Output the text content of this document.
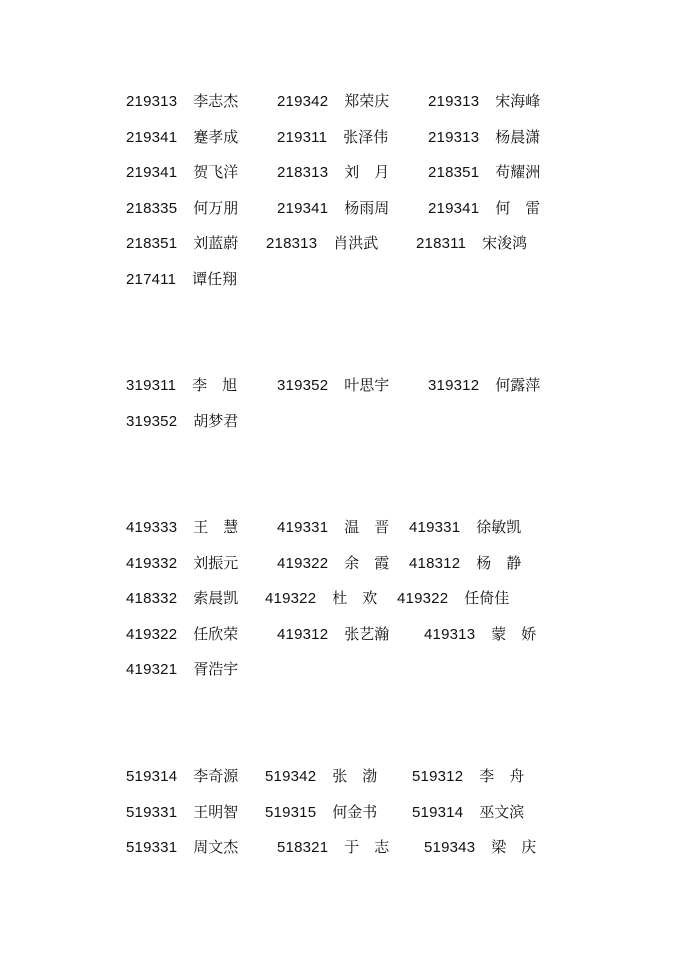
219313 李志杰	219342 郑荣庆	219313 宋海峰
219341 蹇孝成	219311 张泽伟	219313 杨晨潇
219341 贺飞洋	218313 刘　月	218351 苟耀洲
218335 何万朋	219341 杨雨周	219341 何　雷
218351 刘蓝蔚 218313 肖洪武	218311 宋浚鸿
217411 谭任翔
319311 李　旭	319352 叶思宇	319312 何露萍
319352 胡梦君
419333 王　慧	419331 温　晋 419331 徐敏凯
419332 刘振元	419322 余　霞 418312 杨　静
418332 索晨凯 419322 杜　欢 419322 任倚佳
419322 任欣荣	419312 张艺瀚 419313 蒙　娇
419321 胥浩宇
519314 李奇源 519342 张　渤 519312 李　舟
519331 王明智 519315 何金书 519314 巫文滨
519331 周文杰	518321 于　志 519343 梁　庆
